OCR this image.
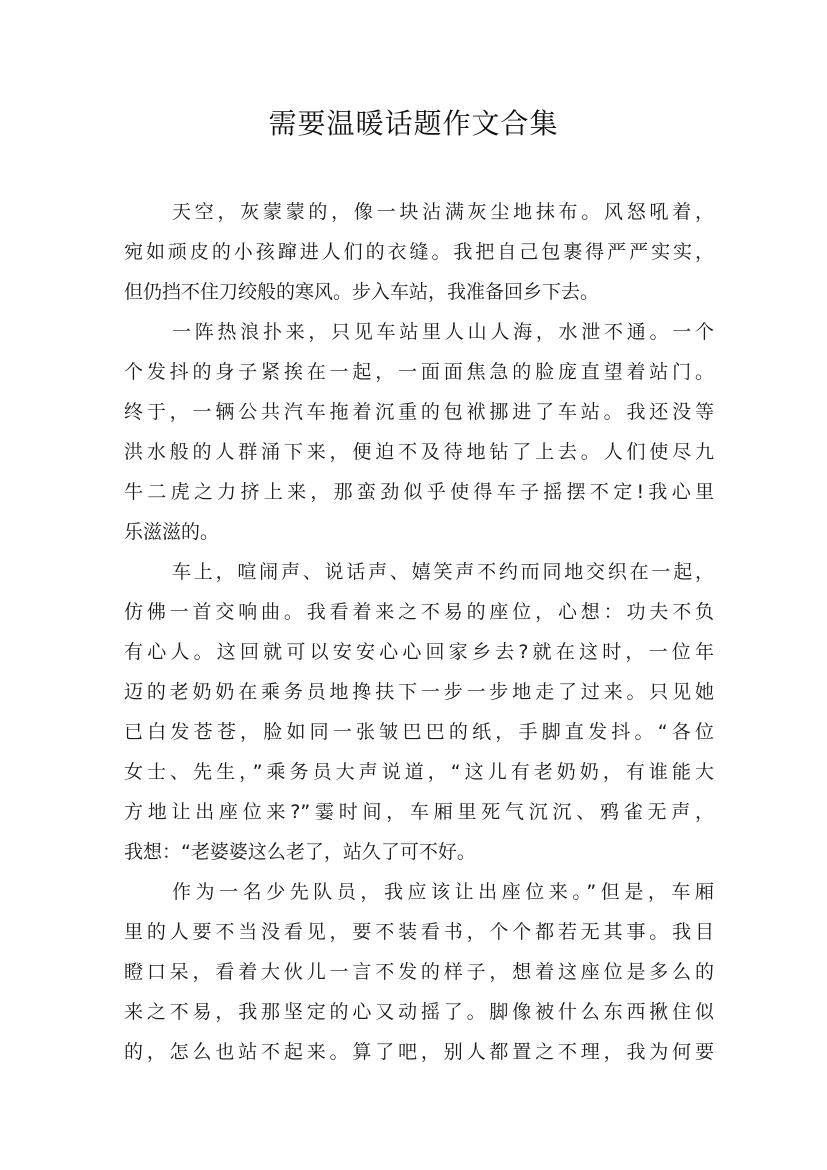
需要温暖话题作文合集
天空，灰蒙蒙的，像一块沾满灰尘地抹布。风怒吼着，
宛如顽皮的小孩蹿进人们的衣缝。我把自己包裹得严严实实，
但仍挡不住刀绞般的寒风。步入车站，我准备回乡下去。
一阵热浪扑来，只见车站里人山人海，水泄不通。一个
个发抖的身子紧挨在一起，一面面焦急的脸庞直望着站门。
终于，一辆公共汽车拖着沉重的包袱挪进了车站。我还没等
洪水般的人群涌下来，便迫不及待地钻了上去。人们使尽九
牛二虎之力挤上来，那蛮劲似乎使得车子摇摆不定!我心里
乐滋滋的。
车上，喧闹声、说话声、嬉笑声不约而同地交织在一起，
仿佛一首交响曲。我看着来之不易的座位，心想：功夫不负
有心人。这回就可以安安心心回家乡去?就在这时，一位年
迈的老奶奶在乘务员地搀扶下一步一步地走了过来。只见她
已白发苍苍，脸如同一张皱巴巴的纸，手脚直发抖。“各位
女士、先生，”乘务员大声说道，“这儿有老奶奶，有谁能大
方地让出座位来?”霎时间，车厢里死气沉沉、鸦雀无声，
我想：“老婆婆这么老了，站久了可不好。
作为一名少先队员，我应该让出座位来。”但是，车厢
里的人要不当没看见，要不装看书，个个都若无其事。我目
瞪口呆，看着大伙儿一言不发的样子，想着这座位是多么的
来之不易，我那坚定的心又动摇了。脚像被什么东西揪住似
的，怎么也站不起来。算了吧，别人都置之不理，我为何要
